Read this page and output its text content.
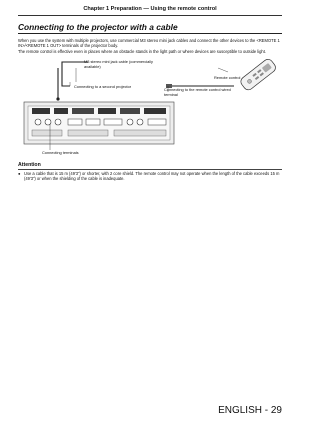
Chapter 1 Preparation — Using the remote control
Connecting to the projector with a cable

When you use the system with multiple projectors, use commercial M3 stereo mini jack cables and connect the other devices to the <REMOTE 1 IN>/<REMOTE 1 OUT> terminals of the projector body.

The remote control is effective even in places where an obstacle stands in the light path or where devices are susceptible to outside light.

M3 stereo mini jack cable (commercially
available)
Remote control
Connecting to a second projector
Connecting to the remote control wired
terminal
Connecting terminals
Attention
● Use a cable that is 15 m (49'3") or shorter, with 2 core shield. The remote control may not operate when the length of the cable exceeds 15 m (49'3") or when the shielding of the cable is inadequate.
ENGLISH - 29
